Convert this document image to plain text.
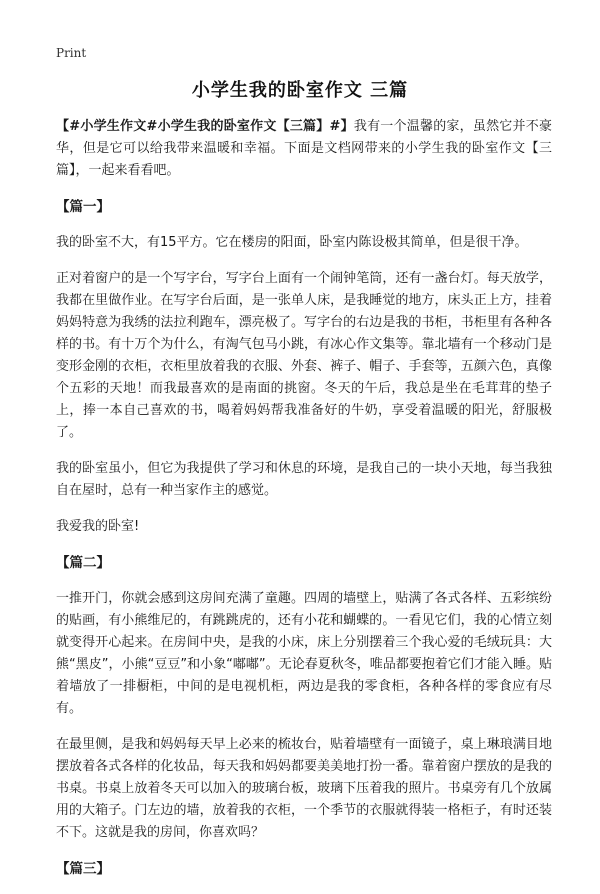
Print
小学生我的卧室作文 三篇

【#小学生作文#小学生我的卧室作文【三篇】#】我有一个温馨的家，虽然它并不豪华，但是它可以给我带来温暖和幸福。下面是文档网带来的小学生我的卧室作文【三篇】，一起来看看吧。

【篇一】

我的卧室不大，有15平方。它在楼房的阳面，卧室内陈设极其简单，但是很干净。

正对着窗户的是一个写字台，写字台上面有一个闹钟笔筒，还有一盏台灯。每天放学，我都在里做作业。在写字台后面，是一张单人床，是我睡觉的地方，床头正上方，挂着妈妈特意为我绣的法拉利跑车，漂亮极了。写字台的右边是我的书柜，书柜里有各种各样的书。有十万个为什么，有淘气包马小跳，有冰心作文集等。靠北墙有一个移动门是变形金刚的衣柜，衣柜里放着我的衣服、外套、裤子、帽子、手套等，五颜六色，真像个五彩的天地！而我最喜欢的是南面的挑窗。冬天的午后，我总是坐在毛茸茸的垫子上，捧一本自己喜欢的书，喝着妈妈帮我准备好的牛奶，享受着温暖的阳光，舒服极了。

我的卧室虽小，但它为我提供了学习和休息的环境，是我自己的一块小天地，每当我独自在屋时，总有一种当家作主的感觉。

我爱我的卧室!

【篇二】

一推开门，你就会感到这房间充满了童趣。四周的墙壁上，贴满了各式各样、五彩缤纷的贴画，有小熊维尼的，有跳跳虎的，还有小花和蝴蝶的。一看见它们，我的心情立刻就变得开心起来。在房间中央，是我的小床，床上分别摆着三个我心爱的毛绒玩具：大熊“黑皮”，小熊“豆豆”和小象“嘟嘟”。无论春夏秋冬，唯品都要抱着它们才能入睡。贴着墙放了一排橱柜，中间的是电视机柜，两边是我的零食柜，各种各样的零食应有尽有。

在最里侧，是我和妈妈每天早上必来的梳妆台，贴着墙壁有一面镜子，桌上琳琅满目地摆放着各式各样的化妆品，每天我和妈妈都要美美地打扮一番。靠着窗户摆放的是我的书桌。书桌上放着冬天可以加入的玻璃台板，玻璃下压着我的照片。书桌旁有几个放属用的大箱子。门左边的墙，放着我的衣柜，一个季节的衣服就得装一格柜子，有时还装不下。这就是我的房间，你喜欢吗？

【篇三】
